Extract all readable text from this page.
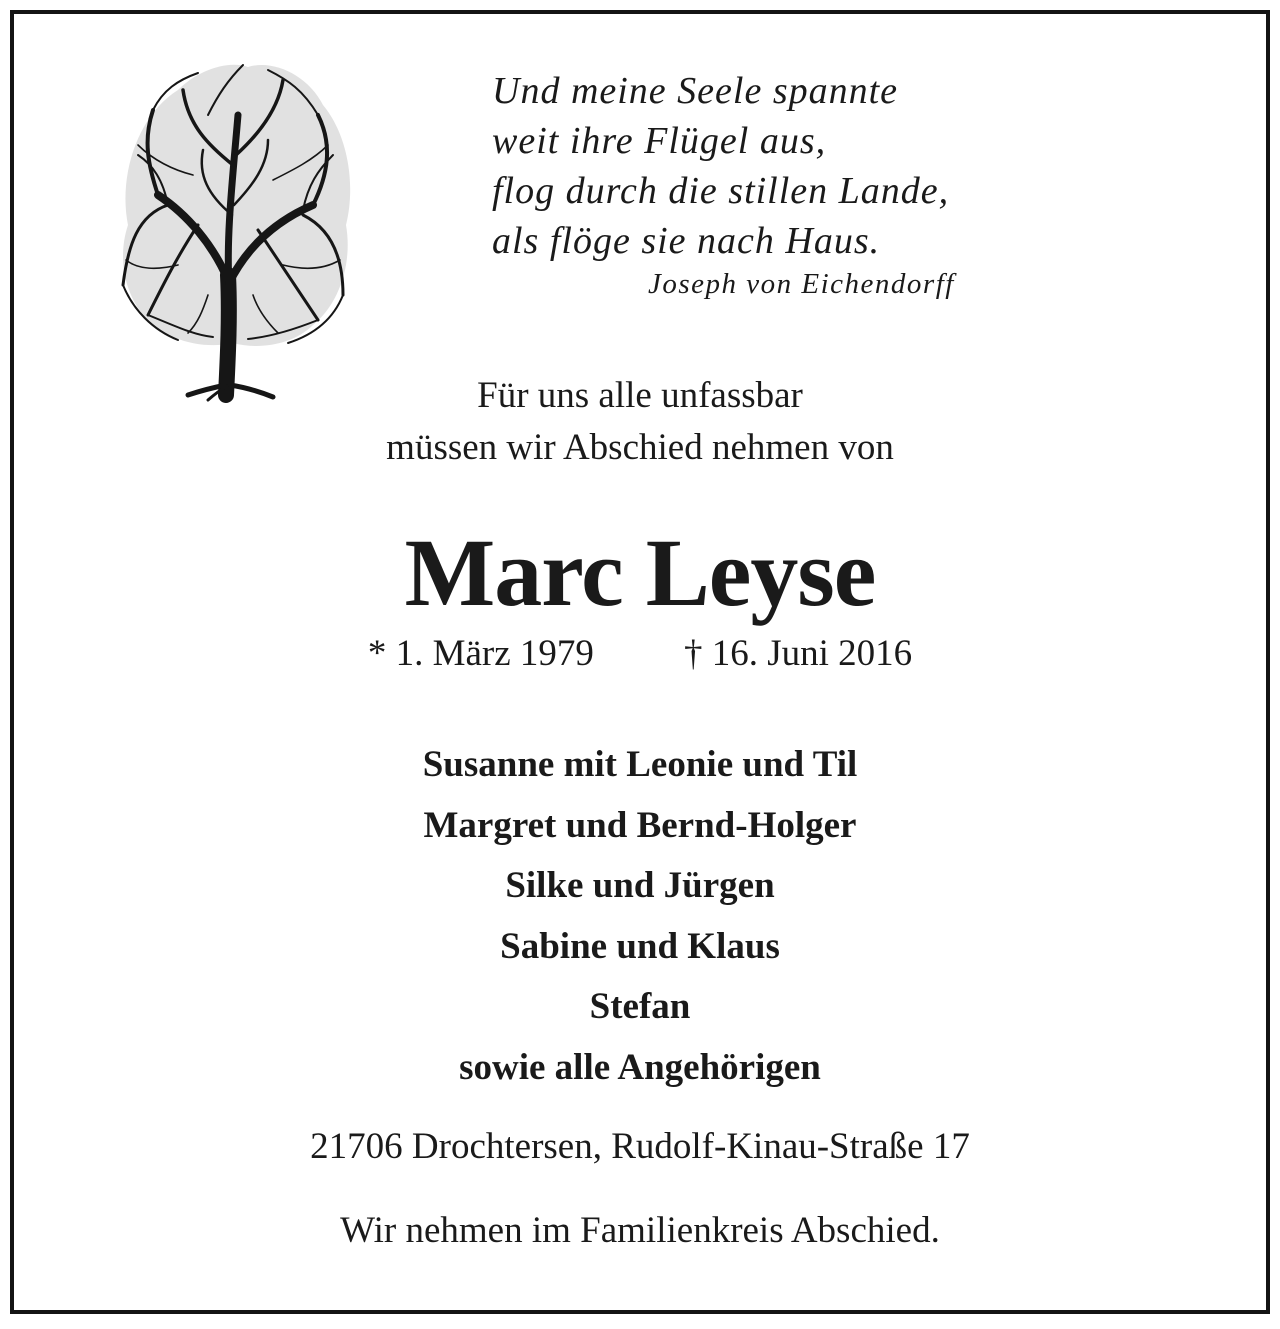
Und meine Seele spannte
weit ihre Flügel aus,
flog durch die stillen Lande,
als flöge sie nach Haus.
Joseph von Eichendorff
Für uns alle unfassbar
müssen wir Abschied nehmen von
Marc Leyse
* 1. März 1979 † 16. Juni 2016
Susanne mit Leonie und Til
Margret und Bernd-Holger
Silke und Jürgen
Sabine und Klaus
Stefan
sowie alle Angehörigen
21706 Drochtersen, Rudolf-Kinau-Straße 17
Wir nehmen im Familienkreis Abschied.
